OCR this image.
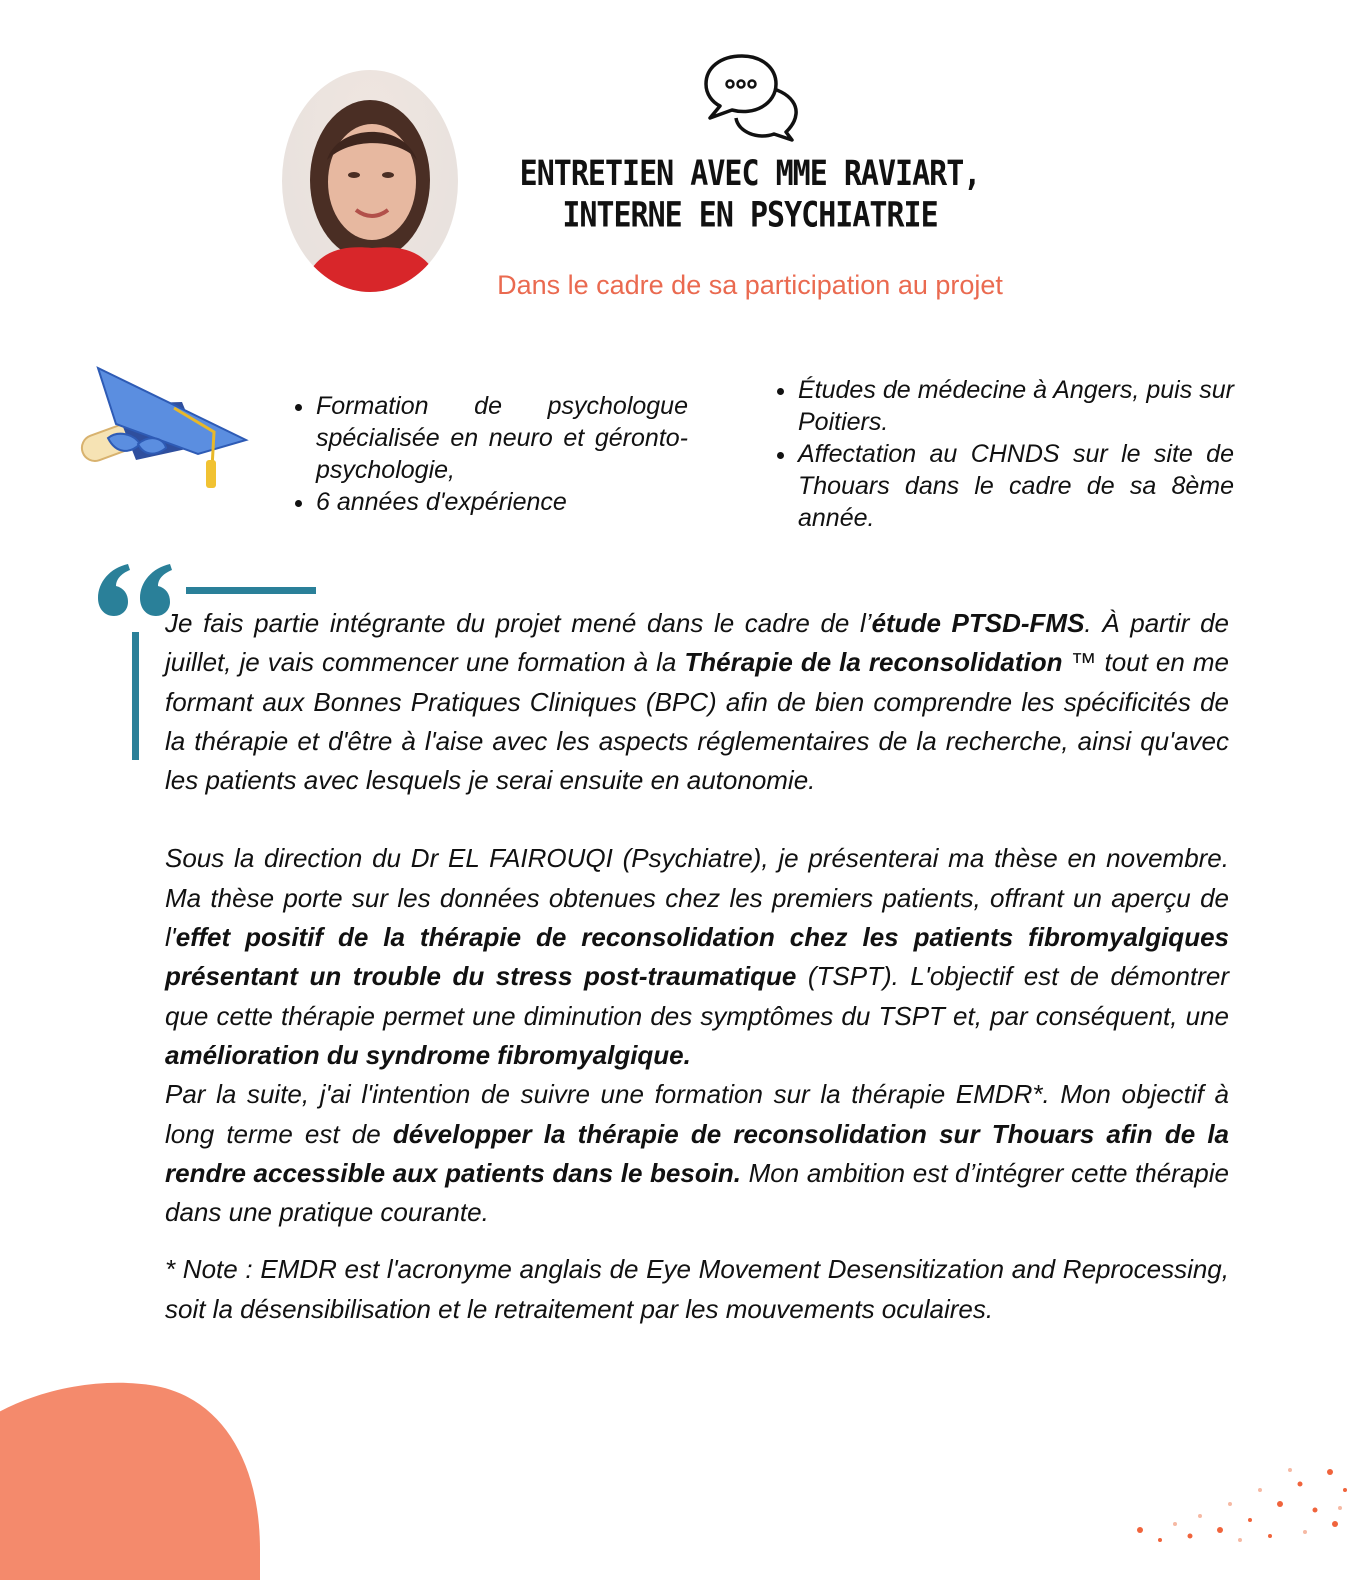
ENTRETIEN AVEC MME RAVIART,
INTERNE EN PSYCHIATRIE
Dans le cadre de sa participation au projet
• Formation de psychologue spécialisée en neuro et géronto-psychologie,
• 6 années d'expérience
• Études de médecine à Angers, puis sur Poitiers.
• Affectation au CHNDS sur le site de Thouars dans le cadre de sa 8ème année.

Je fais partie intégrante du projet mené dans le cadre de l’étude PTSD-FMS. À partir de juillet, je vais commencer une formation à la Thérapie de la reconsolidation ™ tout en me formant aux Bonnes Pratiques Cliniques (BPC) afin de bien comprendre les spécificités de la thérapie et d'être à l'aise avec les aspects réglementaires de la recherche, ainsi qu'avec les patients avec lesquels je serai ensuite en autonomie.

Sous la direction du Dr EL FAIROUQI (Psychiatre), je présenterai ma thèse en novembre. Ma thèse porte sur les données obtenues chez les premiers patients, offrant un aperçu de l'effet positif de la thérapie de reconsolidation chez les patients fibromyalgiques présentant un trouble du stress post-traumatique (TSPT). L'objectif est de démontrer que cette thérapie permet une diminution des symptômes du TSPT et, par conséquent, une amélioration du syndrome fibromyalgique.

Par la suite, j'ai l'intention de suivre une formation sur la thérapie EMDR*. Mon objectif à long terme est de développer la thérapie de reconsolidation sur Thouars afin de la rendre accessible aux patients dans le besoin. Mon ambition est d’intégrer cette thérapie dans une pratique courante.

* Note : EMDR est l'acronyme anglais de Eye Movement Desensitization and Reprocessing, soit la désensibilisation et le retraitement par les mouvements oculaires.
